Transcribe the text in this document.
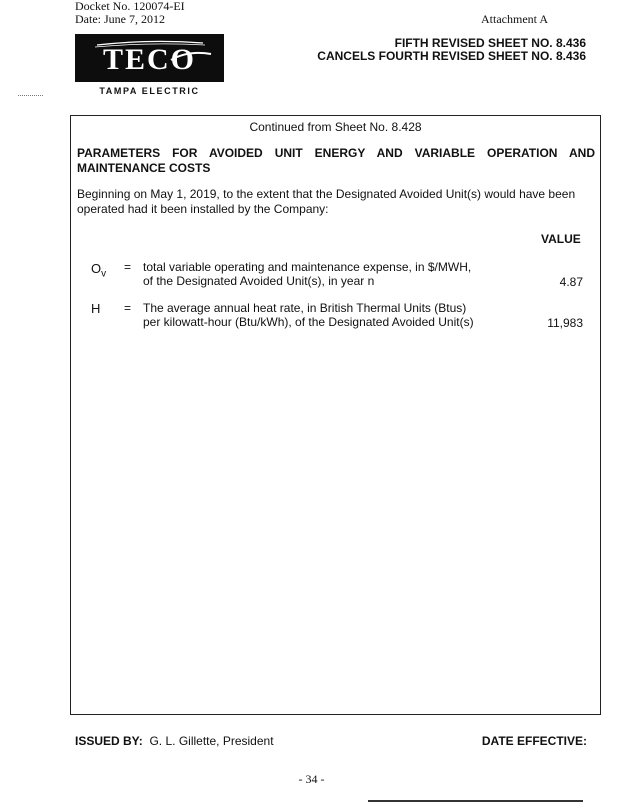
Docket No. 120074-EI
Date: June 7, 2012	Attachment A
TECO
TAMPA ELECTRIC
FIFTH REVISED SHEET NO. 8.436
CANCELS FOURTH REVISED SHEET NO. 8.436
Continued from Sheet No. 8.428
PARAMETERS FOR AVOIDED UNIT ENERGY AND VARIABLE OPERATION AND MAINTENANCE COSTS
Beginning on May 1, 2019, to the extent that the Designated Avoided Unit(s) would have been operated had it been installed by the Company:
VALUE
$O_v$
= total variable operating and maintenance expense, in $/MWH,
of the Designated Avoided Unit(s), in year n	4.87
H = The average annual heat rate, in British Thermal Units (Btus)
per kilowatt-hour (Btu/kWh), of the Designated Avoided Unit(s)	11,983
ISSUED BY: G. L. Gillette, President	DATE EFFECTIVE:
- 34 -
